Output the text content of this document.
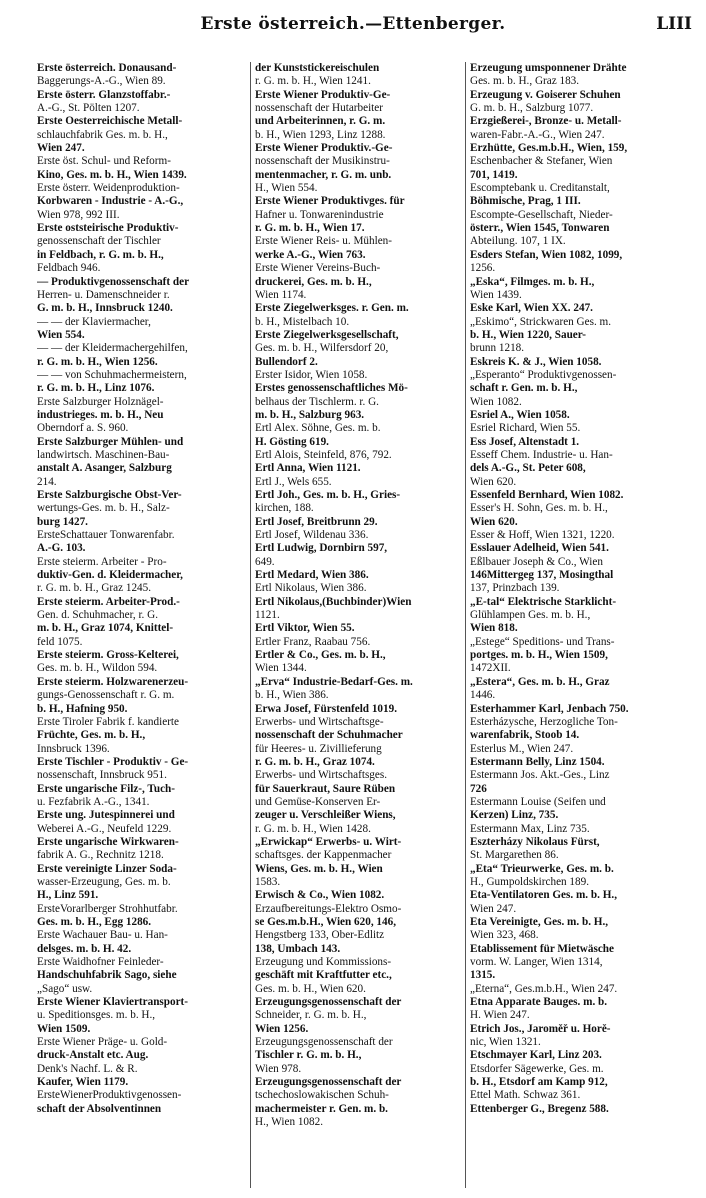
Erste österreich.—Ettenberger.	LIII
Erste österreich. Donausand-
Baggerungs-A.-G., Wien 89.
Erste österr. Glanzstoffabr.-
A.-G., St. Pölten 1207.
Erste Oesterreichische Metall-
schlauchfabrik Ges. m. b. H.,
Wien 247.
Erste öst. Schul- und Reform-
Kino, Ges. m. b. H., Wien 1439.
Erste österr. Weidenproduktion-
Korbwaren - Industrie - A.-G.,
Wien 978, 992 III.
Erste oststeirische Produktiv-
genossenschaft der Tischler
in Feldbach, r. G. m. b. H.,
Feldbach 946.
— Produktivgenossenschaft der
Herren- u. Damenschneider r.
G. m. b. H., Innsbruck 1240.
— — der Klaviermacher,
Wien 554.
— — der Kleidermachergehilfen,
r. G. m. b. H., Wien 1256.
— — von Schuhmachermeistern,
r. G. m. b. H., Linz 1076.
Erste Salzburger Holznägel-
industrieges. m. b. H., Neu
Oberndorf a. S. 960.
Erste Salzburger Mühlen- und
landwirtsch. Maschinen-Bau-
anstalt A. Asanger, Salzburg
214.
Erste Salzburgische Obst-Ver-
wertungs-Ges. m. b. H., Salz-
burg 1427.
ErsteSchattauer Tonwarenfabr.
A.-G. 103.
Erste steierm. Arbeiter - Pro-
duktiv-Gen. d. Kleidermacher,
r. G. m. b. H., Graz 1245.
Erste steierm. Arbeiter-Prod.-
Gen. d. Schuhmacher, r. G.
m. b. H., Graz 1074, Knittel-
feld 1075.
Erste steierm. Gross-Kelterei,
Ges. m. b. H., Wildon 594.
Erste steierm. Holzwarenerzeu-
gungs-Genossenschaft r. G. m.
b. H., Hafning 950.
Erste Tiroler Fabrik f. kandierte
Früchte, Ges. m. b. H.,
Innsbruck 1396.
Erste Tischler - Produktiv - Ge-
nossenschaft, Innsbruck 951.
Erste ungarische Filz-, Tuch-
u. Fezfabrik A.-G., 1341.
Erste ung. Jutespinnerei und
Weberei A.-G., Neufeld 1229.
Erste ungarische Wirkwaren-
fabrik A. G., Rechnitz 1218.
Erste vereinigte Linzer Soda-
wasser-Erzeugung, Ges. m. b.
H., Linz 591.
ErsteVorarlberger Strohhutfabr.
Ges. m. b. H., Egg 1286.
Erste Wachauer Bau- u. Han-
delsges. m. b. H. 42.
Erste Waidhofner Feinleder-
Handschuhfabrik Sago, siehe
„Sago“ usw.
Erste Wiener Klaviertransport-
u. Speditionsges. m. b. H.,
Wien 1509.
Erste Wiener Präge- u. Gold-
druck-Anstalt etc. Aug.
Denk's Nachf. L. & R.
Kaufer, Wien 1179.
ErsteWienerProduktivgenossen-
schaft der Absolventinnen
der Kunststickereischulen
r. G. m. b. H., Wien 1241.
Erste Wiener Produktiv-Ge-
nossenschaft der Hutarbeiter
und Arbeiterinnen, r. G. m.
b. H., Wien 1293, Linz 1288.
Erste Wiener Produktiv.-Ge-
nossenschaft der Musikinstru-
mentenmacher, r. G. m. unb.
H., Wien 554.
Erste Wiener Produktivges. für
Hafner u. Tonwarenindustrie
r. G. m. b. H., Wien 17.
Erste Wiener Reis- u. Mühlen-
werke A.-G., Wien 763.
Erste Wiener Vereins-Buch-
druckerei, Ges. m. b. H.,
Wien 1174.
Erste Ziegelwerksges. r. Gen. m.
b. H., Mistelbach 10.
Erste Ziegelwerksgesellschaft,
Ges. m. b. H., Wilfersdorf 20,
Bullendorf 2.
Erster Isidor, Wien 1058.
Erstes genossenschaftliches Mö-
belhaus der Tischlerm. r. G.
m. b. H., Salzburg 963.
Ertl Alex. Söhne, Ges. m. b.
H. Gösting 619.
Ertl Alois, Steinfeld, 876, 792.
Ertl Anna, Wien 1121.
Ertl J., Wels 655.
Ertl Joh., Ges. m. b. H., Gries-
kirchen, 188.
Ertl Josef, Breitbrunn 29.
Ertl Josef, Wildenau 336.
Ertl Ludwig, Dornbirn 597,
649.
Ertl Medard, Wien 386.
Ertl Nikolaus, Wien 386.
Ertl Nikolaus,(Buchbinder)Wien
1121.
Ertl Viktor, Wien 55.
Ertler Franz, Raabau 756.
Ertler & Co., Ges. m. b. H.,
Wien 1344.
„Erva“ Industrie-Bedarf-Ges. m.
b. H., Wien 386.
Erwa Josef, Fürstenfeld 1019.
Erwerbs- und Wirtschaftsge-
nossenschaft der Schuhmacher
für Heeres- u. Zivillieferung
r. G. m. b. H., Graz 1074.
Erwerbs- und Wirtschaftsges.
für Sauerkraut, Saure Rüben
und Gemüse-Konserven Er-
zeuger u. Verschleißer Wiens,
r. G. m. b. H., Wien 1428.
„Erwickap“ Erwerbs- u. Wirt-
schaftsges. der Kappenmacher
Wiens, Ges. m. b. H., Wien
1583.
Erwisch & Co., Wien 1082.
Erzaufbereitungs-Elektro Osmo-
se Ges.m.b.H., Wien 620, 146,
Hengstberg 133, Ober-Edlitz
138, Umbach 143.
Erzeugung und Kommissions-
geschäft mit Kraftfutter etc.,
Ges. m. b. H., Wien 620.
Erzeugungsgenossenschaft der
Schneider, r. G. m. b. H.,
Wien 1256.
Erzeugungsgenossenschaft der
Tischler r. G. m. b. H.,
Wien 978.
Erzeugungsgenossenschaft der
tschechoslowakischen Schuh-
machermeister r. Gen. m. b.
H., Wien 1082.
Erzeugung umsponnener Drähte
Ges. m. b. H., Graz 183.
Erzeugung v. Goiserer Schuhen
G. m. b. H., Salzburg 1077.
Erzgießerei-, Bronze- u. Metall-
waren-Fabr.-A.-G., Wien 247.
Erzhütte, Ges.m.b.H., Wien, 159,
Eschenbacher & Stefaner, Wien
701, 1419.
Escomptebank u. Creditanstalt,
Böhmische, Prag, 1 III.
Escompte-Gesellschaft, Nieder-
österr., Wien 1545, Tonwaren
Abteilung. 107, 1 IX.
Esders Stefan, Wien 1082, 1099,
1256.
„Eska“, Filmges. m. b. H.,
Wien 1439.
Eske Karl, Wien XX. 247.
„Eskimo“, Strickwaren Ges. m.
b. H., Wien 1220, Sauer-
brunn 1218.
Eskreis K. & J., Wien 1058.
„Esperanto“ Produktivgenossen-
schaft r. Gen. m. b. H.,
Wien 1082.
Esriel A., Wien 1058.
Esriel Richard, Wien 55.
Ess Josef, Altenstadt 1.
Esseff Chem. Industrie- u. Han-
dels A.-G., St. Peter 608,
Wien 620.
Essenfeld Bernhard, Wien 1082.
Esser's H. Sohn, Ges. m. b. H.,
Wien 620.
Esser & Hoff, Wien 1321, 1220.
Esslauer Adelheid, Wien 541.
Eßlbauer Joseph & Co., Wien
146Mittergeg 137, Mosingthal
137, Prinzbach 139.
„E-tal“ Elektrische Starklicht-
Glühlampen Ges. m. b. H.,
Wien 818.
„Estege“ Speditions- und Trans-
portges. m. b. H., Wien 1509,
1472XII.
„Estera“, Ges. m. b. H., Graz
1446.
Esterhammer Karl, Jenbach 750.
Esterházysche, Herzogliche Ton-
warenfabrik, Stoob 14.
Esterlus M., Wien 247.
Estermann Belly, Linz 1504.
Estermann Jos. Akt.-Ges., Linz
726
Estermann Louise (Seifen und
Kerzen) Linz, 735.
Estermann Max, Linz 735.
Eszterházy Nikolaus Fürst,
St. Margarethen 86.
„Eta“ Trieurwerke, Ges. m. b.
H., Gumpoldskirchen 189.
Eta-Ventilatoren Ges. m. b. H.,
Wien 247.
Eta Vereinigte, Ges. m. b. H.,
Wien 323, 468.
Etablissement für Mietwäsche
vorm. W. Langer, Wien 1314,
1315.
„Eterna“, Ges.m.b.H., Wien 247.
Etna Apparate Bauges. m. b.
H. Wien 247.
Etrich Jos., Jaroměř u. Horě-
nic, Wien 1321.
Etschmayer Karl, Linz 203.
Etsdorfer Sägewerke, Ges. m.
b. H., Etsdorf am Kamp 912,
Ettel Math. Schwaz 361.
Ettenberger G., Bregenz 588.
